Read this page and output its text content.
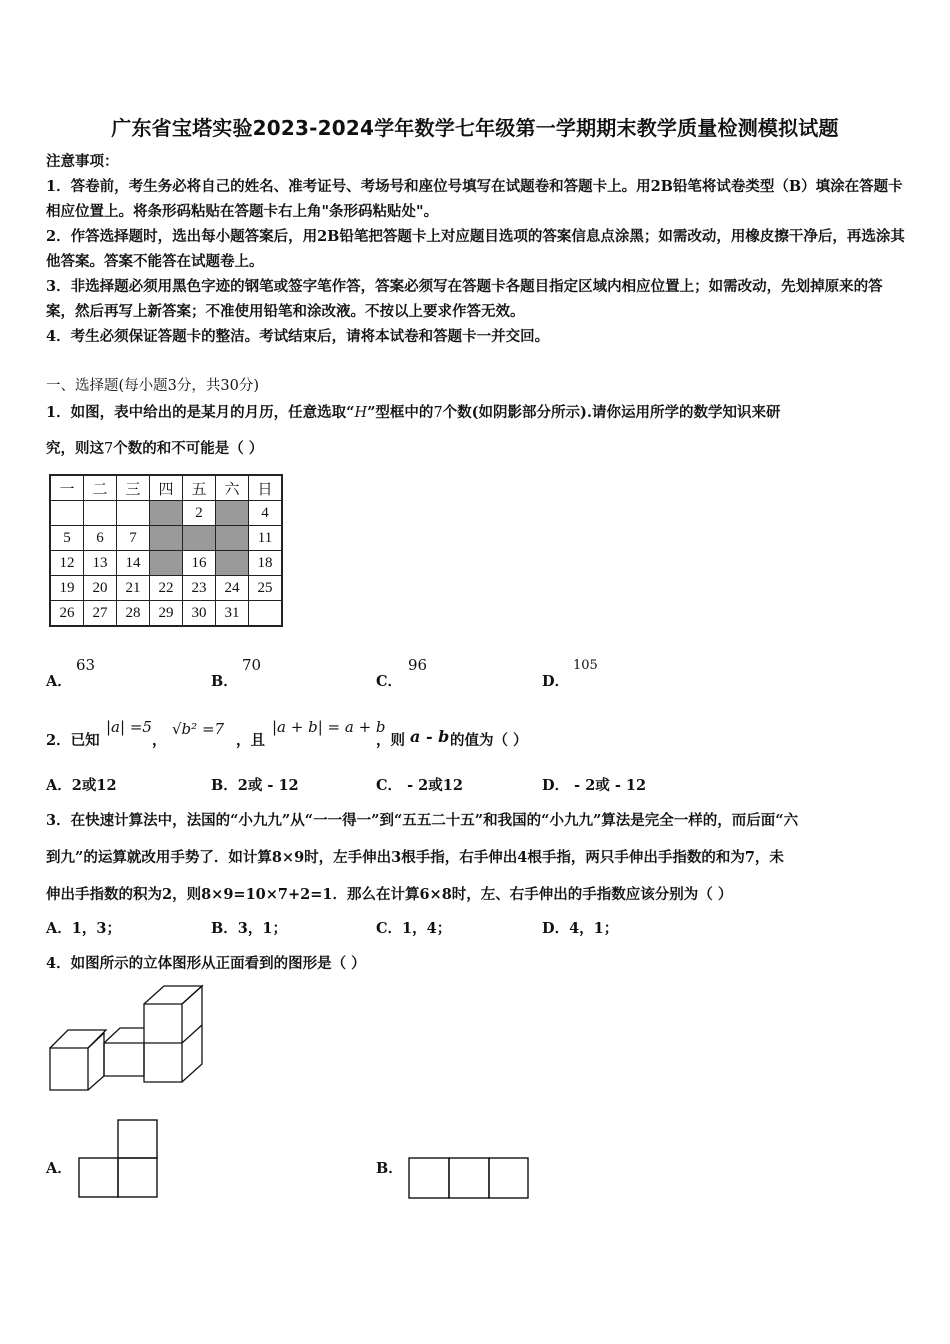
广东省宝塔实验2023-2024学年数学七年级第一学期期末教学质量检测模拟试题

注意事项：

1．答卷前，考生务必将自己的姓名、准考证号、考场号和座位号填写在试题卷和答题卡上。用2B铅笔将试卷类型（B）填涂在答题卡相应位置上。将条形码粘贴在答题卡右上角"条形码粘贴处"。

2．作答选择题时，选出每小题答案后，用2B铅笔把答题卡上对应题目选项的答案信息点涂黑；如需改动，用橡皮擦干净后，再选涂其他答案。答案不能答在试题卷上。

3．非选择题必须用黑色字迹的钢笔或签字笔作答，答案必须写在答题卡各题目指定区域内相应位置上；如需改动，先划掉原来的答案，然后再写上新答案；不准使用铅笔和涂改液。不按以上要求作答无效。

4．考生必须保证答题卡的整洁。考试结束后，请将本试卷和答题卡一并交回。

一、选择题(每小题3分，共30分)
1．如图，表中给出的是某月的月历，任意选取“H”型框中的7个数(如阴影部分所示).请你运用所学的数学知识来研
究，则这7个数的和不可能是（ ）
一	二	三	四	五	六	日
				2		4
5	6	7				11
12	13	14		16		18
19	20	21	22	23	24	25
26	27	28	29	30	31	
A．
63
B．
70
C．
96
D．
105
2．已知
|a| =5
，
√b² =7
，且
|a + b| = a + b
，则 a - b 的值为（ ）
A．2或12	B．2或 - 12	C． - 2或12	D． - 2或 - 12
3．在快速计算法中，法国的“小九九”从“一一得一”到“五五二十五”和我国的“小九九”算法是完全一样的，而后面“六
到九”的运算就改用手势了．如计算8×9时，左手伸出3根手指，右手伸出4根手指，两只手伸出手指数的和为7，未
伸出手指数的积为2，则8×9=10×7+2=1．那么在计算6×8时，左、右手伸出的手指数应该分别为（ ）
A．1，3；	B．3，1；	C．1，4；	D．4，1；
4．如图所示的立体图形从正面看到的图形是（ ）
A．	B．
